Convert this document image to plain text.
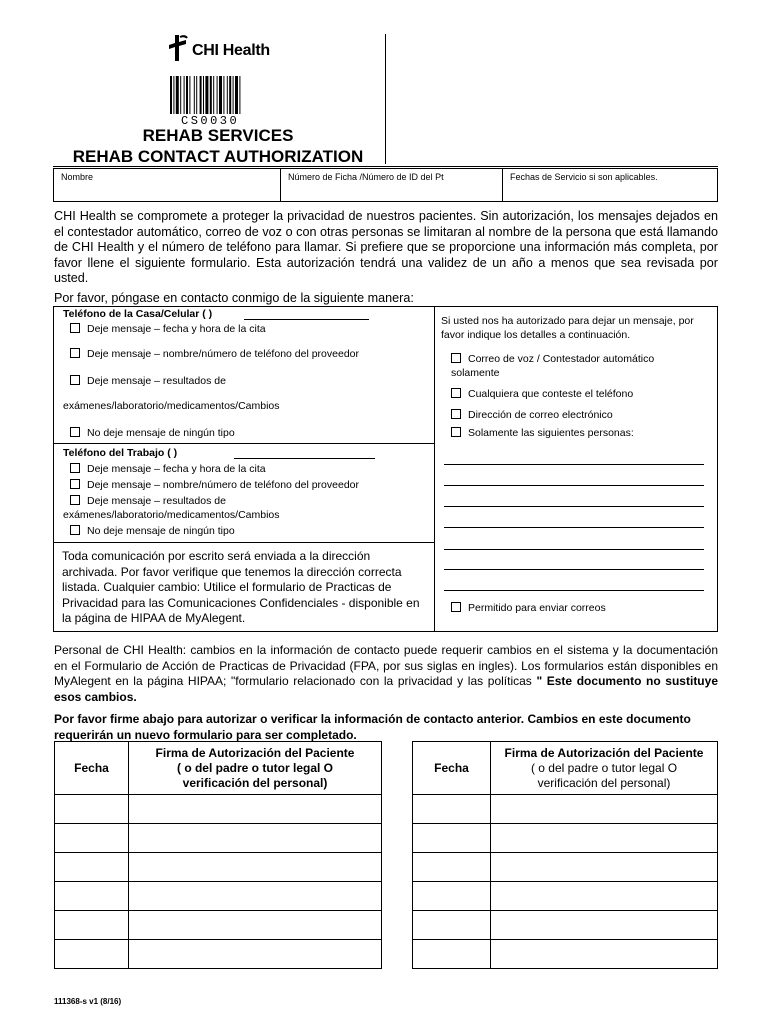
CHI Health
CS0030
REHAB SERVICES
REHAB CONTACT AUTHORIZATION
Nombre	Número de Ficha /Número de ID del Pt	Fechas de Servicio si son aplicables.
CHI Health se compromete a proteger la privacidad de nuestros pacientes. Sin autorización, los mensajes dejados en el contestador automático, correo de voz o con otras personas se limitaran al nombre de la persona que está llamando de CHI Health y el número de teléfono para llamar. Si prefiere que se proporcione una información más completa, por favor llene el siguiente formulario. Esta autorización tendrá una validez de un año a menos que sea revisada por usted.
Por favor, póngase en contacto conmigo de la siguiente manera:
Teléfono de la Casa/Celular ( )
Deje mensaje – fecha y hora de la cita
Deje mensaje – nombre/número de teléfono del proveedor
Deje mensaje – resultados de
exámenes/laboratorio/medicamentos/Cambios
No deje mensaje de ningún tipo
Teléfono del Trabajo ( )
Deje mensaje – fecha y hora de la cita
Deje mensaje – nombre/número de teléfono del proveedor
Deje mensaje – resultados de
exámenes/laboratorio/medicamentos/Cambios
No deje mensaje de ningún tipo
Toda comunicación por escrito será enviada a la dirección archivada. Por favor verifique que tenemos la dirección correcta listada. Cualquier cambio: Utilice el formulario de Practicas de Privacidad para las Comunicaciones Confidenciales - disponible en la página de HIPAA de MyAlegent.
Si usted nos ha autorizado para dejar un mensaje, por favor indique los detalles a continuación.
Correo de voz / Contestador automático
solamente
Cualquiera que conteste el teléfono
Dirección de correo electrónico
Solamente las siguientes personas:
Permitido para enviar correos
Personal de CHI Health: cambios en la información de contacto puede requerir cambios en el sistema y la documentación en el Formulario de Acción de Practicas de Privacidad (FPA, por sus siglas en ingles). Los formularios están disponibles en MyAlegent en la página HIPAA; "formulario relacionado con la privacidad y las políticas " Este documento no sustituye esos cambios.
Por favor firme abajo para autorizar o verificar la información de contacto anterior. Cambios en este documento requerirán un nuevo formulario para ser completado.
Fecha	Firma de Autorización del Paciente
( o del padre o tutor legal O
verificación del personal)

Fecha	Firma de Autorización del Paciente
( o del padre o tutor legal O
verificación del personal)

111368-s v1 (8/16)
